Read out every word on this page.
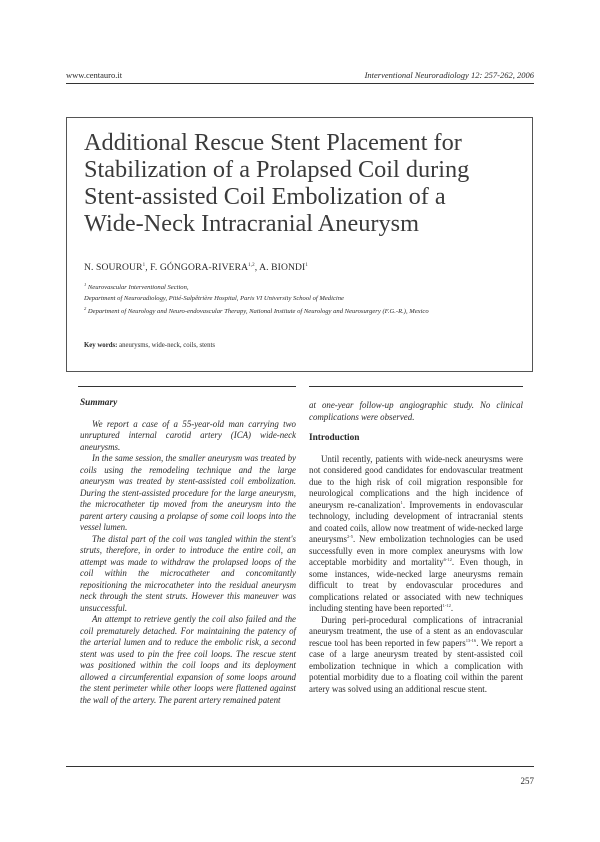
www.centauro.it	Interventional Neuroradiology 12: 257-262, 2006
Additional Rescue Stent Placement for Stabilization of a Prolapsed Coil during Stent-assisted Coil Embolization of a Wide-Neck Intracranial Aneurysm
N. SOUROUR$^1$, F. GÓNGORA-RIVERA$^{1,2}$, A. BIONDI$^1$
$^1$ Neurovascular Interventional Section,
Department of Neuroradiology, Pitié-Salpêtrière Hospital, Paris VI University School of Medicine
$^2$ Department of Neurology and Neuro-endovascular Therapy, National Institute of Neurology and Neurosurgery (F.G.-R.), Mexico
Key words: aneurysms, wide-neck, coils, stents
Summary

We report a case of a 55-year-old man carrying two unruptured internal carotid artery (ICA) wide-neck aneurysms.

In the same session, the smaller aneurysm was treated by coils using the remodeling technique and the large aneurysm was treated by stent-assisted coil embolization. During the stent-assisted procedure for the large aneurysm, the microcatheter tip moved from the aneurysm into the parent artery causing a prolapse of some coil loops into the vessel lumen.

The distal part of the coil was tangled within the stent's struts, therefore, in order to introduce the entire coil, an attempt was made to withdraw the prolapsed loops of the coil within the microcatheter and concomitantly repositioning the microcatheter into the residual aneurysm neck through the stent struts. However this maneuver was unsuccessful.

An attempt to retrieve gently the coil also failed and the coil prematurely detached. For maintaining the patency of the arterial lumen and to reduce the embolic risk, a second stent was used to pin the free coil loops. The rescue stent was positioned within the coil loops and its deployment allowed a circumferential expansion of some loops around the stent perimeter while other loops were flattened against the wall of the artery. The parent artery remained patent

at one-year follow-up angiographic study. No clinical complications were observed.

Introduction

Until recently, patients with wide-neck aneurysms were not considered good candidates for endovascular treatment due to the high risk of coil migration responsible for neurological complications and the high incidence of aneurysm re-canalization$^1$. Improvements in endovascular technology, including development of intracranial stents and coated coils, allow now treatment of wide-necked large aneurysms$^{2-5}$. New embolization technologies can be used successfully even in more complex aneurysms with low acceptable morbidity and mortality$^{6-12}$. Even though, in some instances, wide-necked large aneurysms remain difficult to treat by endovascular procedures and complications related or associated with new techniques including stenting have been reported$^{1-12}$.

During peri-procedural complications of intracranial aneurysm treatment, the use of a stent as an endovascular rescue tool has been reported in few papers$^{13-16}$. We report a case of a large aneurysm treated by stent-assisted coil embolization technique in which a complication with potential morbidity due to a floating coil within the parent artery was solved using an additional rescue stent.

257
